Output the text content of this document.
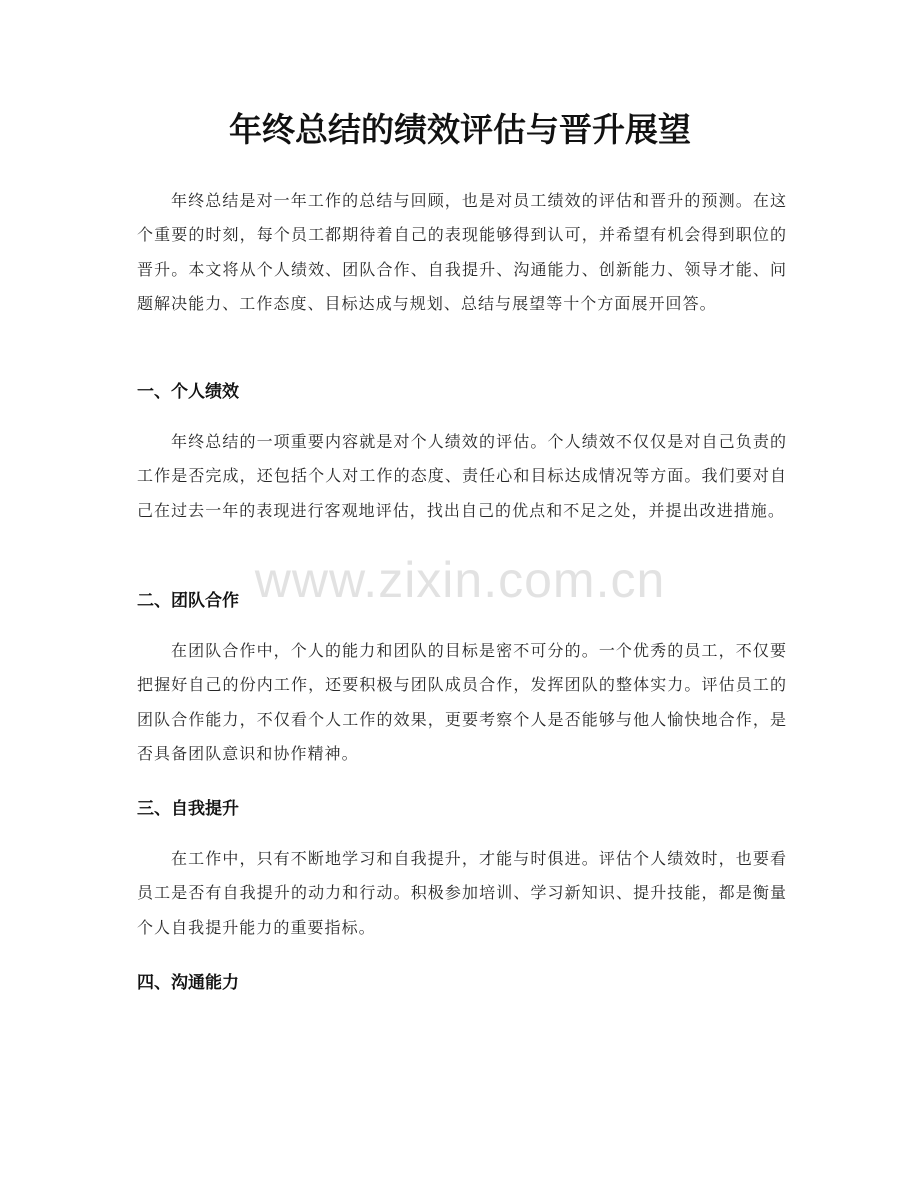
年终总结的绩效评估与晋升展望

年终总结是对一年工作的总结与回顾，也是对员工绩效的评估和晋升的预测。在这个重要的时刻，每个员工都期待着自己的表现能够得到认可，并希望有机会得到职位的晋升。本文将从个人绩效、团队合作、自我提升、沟通能力、创新能力、领导才能、问题解决能力、工作态度、目标达成与规划、总结与展望等十个方面展开回答。

一、个人绩效

年终总结的一项重要内容就是对个人绩效的评估。个人绩效不仅仅是对自己负责的工作是否完成，还包括个人对工作的态度、责任心和目标达成情况等方面。我们要对自己在过去一年的表现进行客观地评估，找出自己的优点和不足之处，并提出改进措施。

二、团队合作

在团队合作中，个人的能力和团队的目标是密不可分的。一个优秀的员工，不仅要把握好自己的份内工作，还要积极与团队成员合作，发挥团队的整体实力。评估员工的团队合作能力，不仅看个人工作的效果，更要考察个人是否能够与他人愉快地合作，是否具备团队意识和协作精神。

三、自我提升

在工作中，只有不断地学习和自我提升，才能与时俱进。评估个人绩效时，也要看员工是否有自我提升的动力和行动。积极参加培训、学习新知识、提升技能，都是衡量个人自我提升能力的重要指标。

四、沟通能力
www.zixin.com.cn
